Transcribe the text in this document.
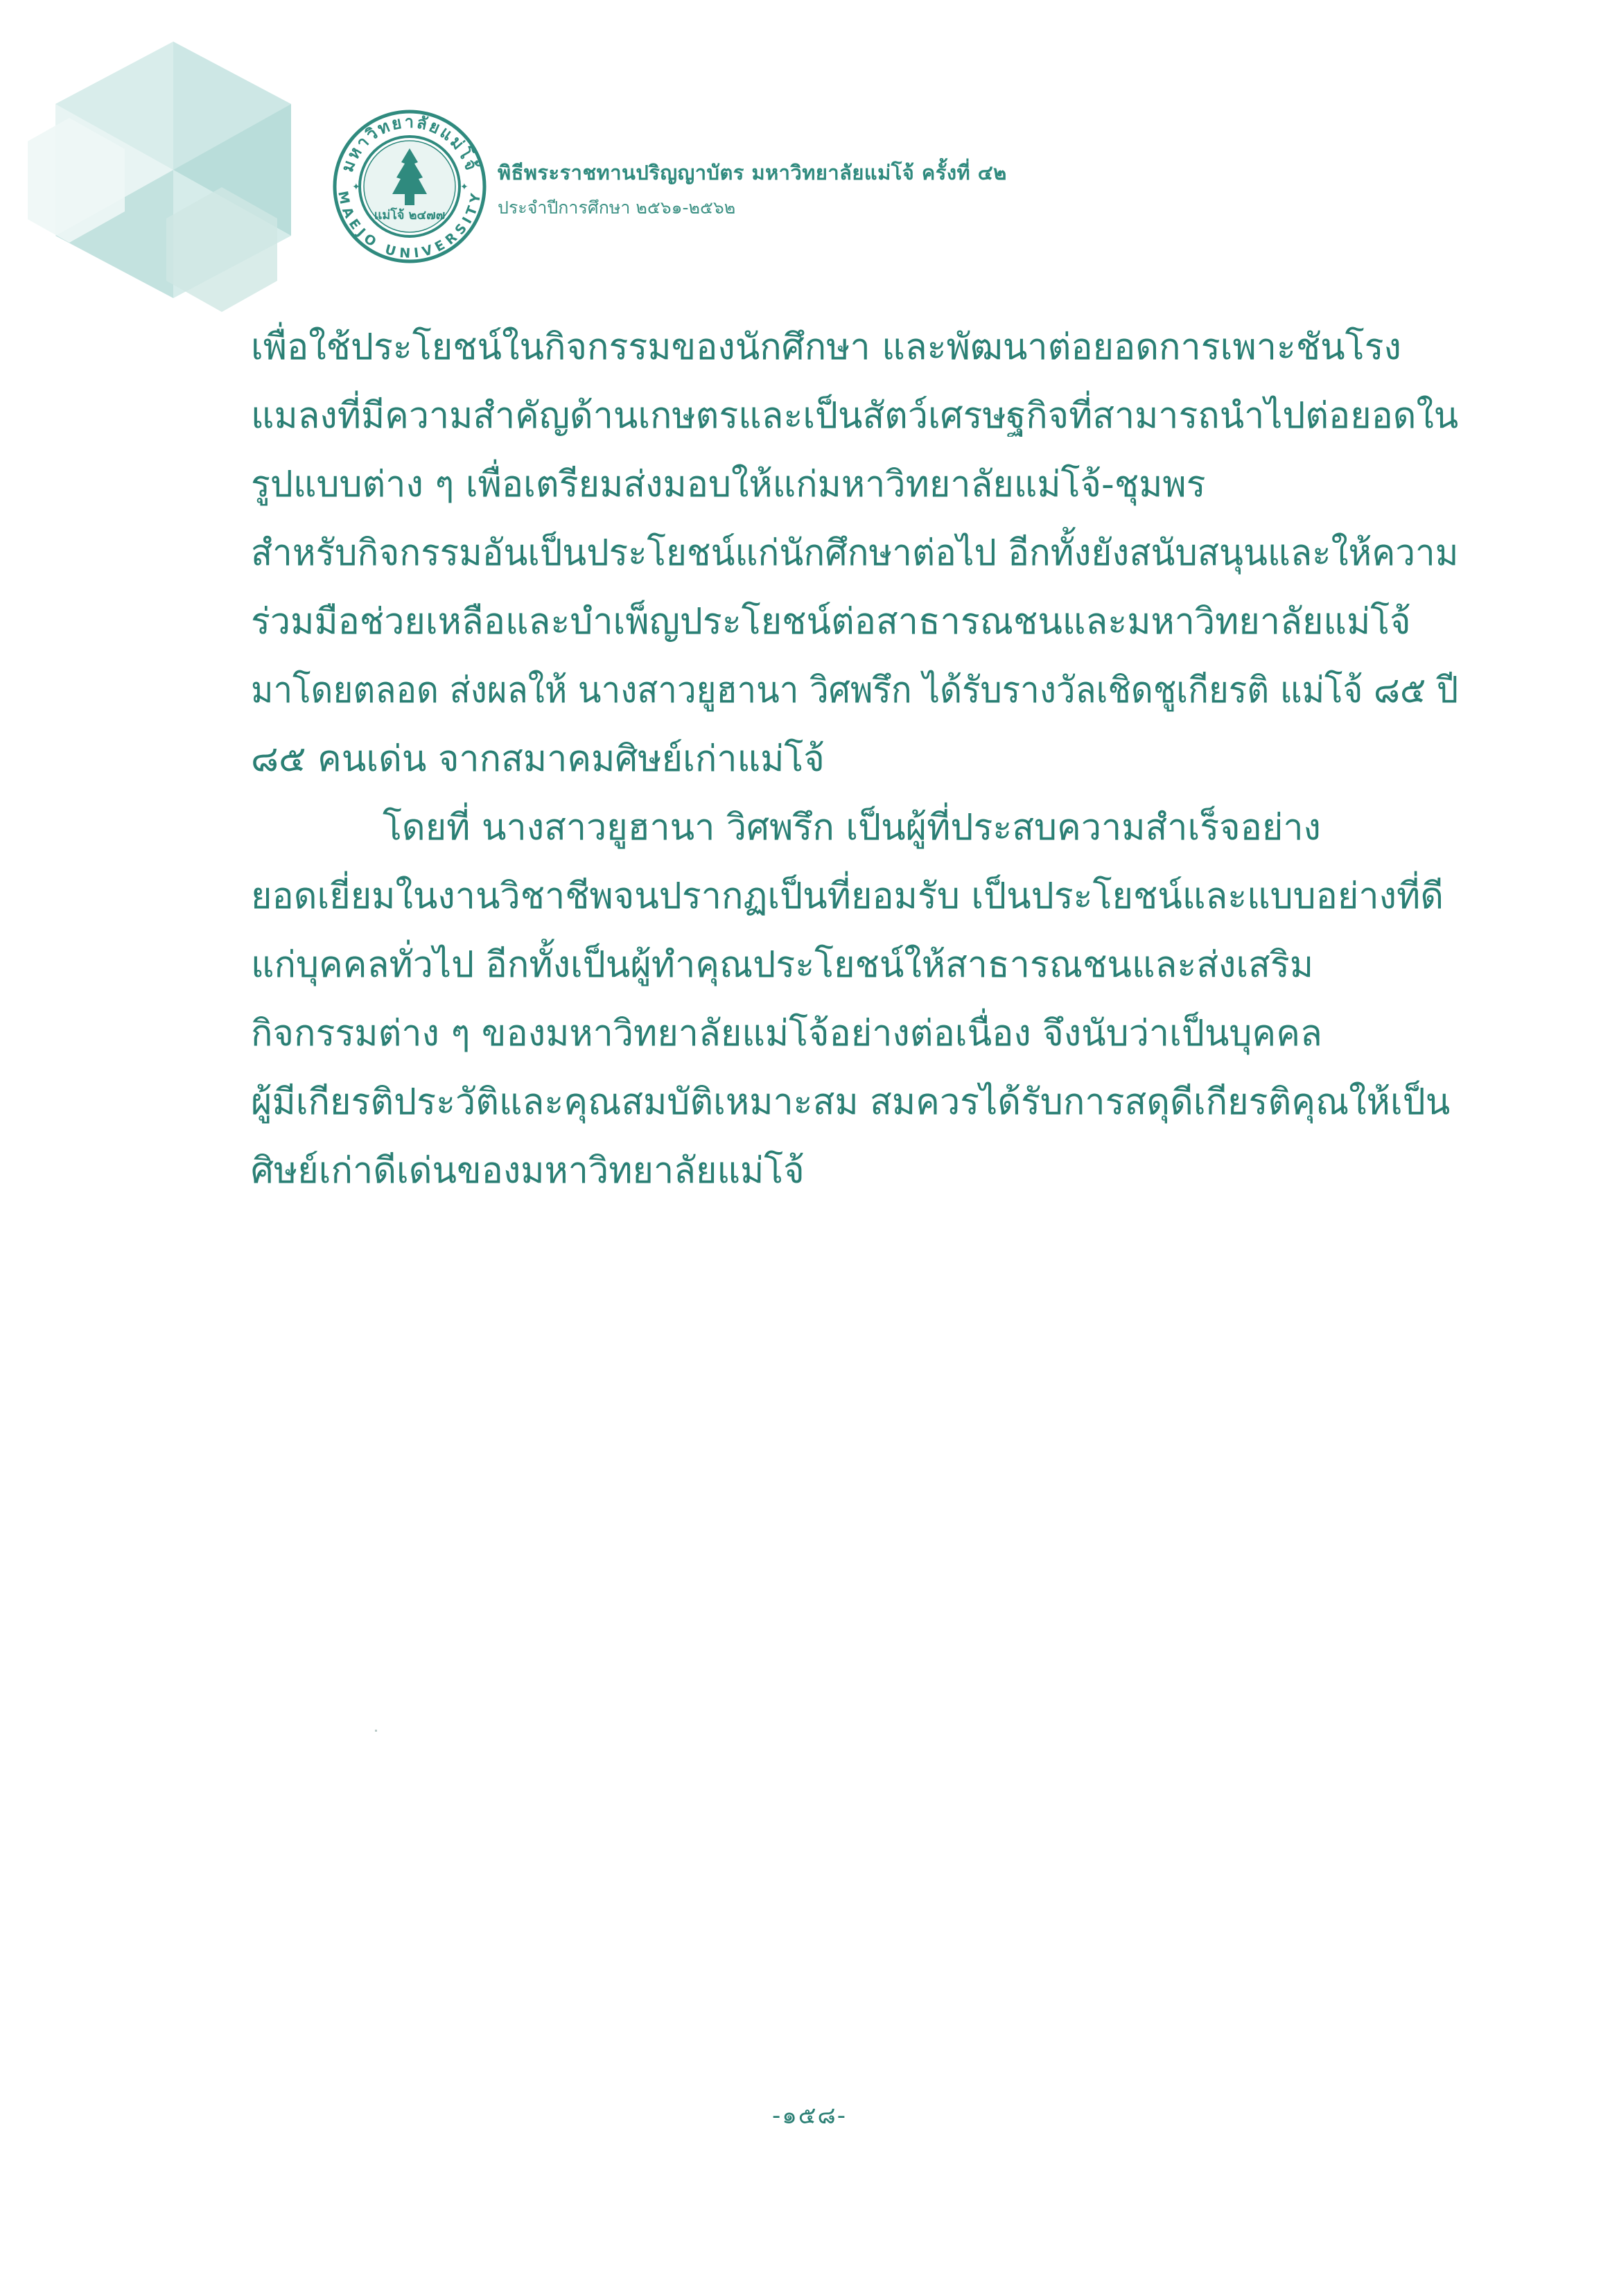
มหาวิทยาลัยแม่โจ้
MAEJO UNIVERSITY
✦	✦
แม่โจ้ ๒๔๗๗
พิธีพระราชทานปริญญาบัตร มหาวิทยาลัยแม่โจ้ ครั้งที่ ๔๒
ประจำปีการศึกษา ๒๕๖๑-๒๕๖๒
เพื่อใช้ประโยชน์ในกิจกรรมของนักศึกษา และพัฒนาต่อยอดการเพาะชันโรง
แมลงที่มีความสำคัญด้านเกษตรและเป็นสัตว์เศรษฐกิจที่สามารถนำไปต่อยอดใน
รูปแบบต่าง ๆ เพื่อเตรียมส่งมอบให้แก่มหาวิทยาลัยแม่โจ้-ชุมพร
สำหรับกิจกรรมอันเป็นประโยชน์แก่นักศึกษาต่อไป อีกทั้งยังสนับสนุนและให้ความ
ร่วมมือช่วยเหลือและบำเพ็ญประโยชน์ต่อสาธารณชนและมหาวิทยาลัยแม่โจ้
มาโดยตลอด ส่งผลให้ นางสาวยูฮานา วิศพรึก ได้รับรางวัลเชิดชูเกียรติ แม่โจ้ ๘๕ ปี
๘๕ คนเด่น จากสมาคมศิษย์เก่าแม่โจ้
โดยที่ นางสาวยูฮานา วิศพรึก เป็นผู้ที่ประสบความสำเร็จอย่าง
ยอดเยี่ยมในงานวิชาชีพจนปรากฏเป็นที่ยอมรับ เป็นประโยชน์และแบบอย่างที่ดี
แก่บุคคลทั่วไป อีกทั้งเป็นผู้ทำคุณประโยชน์ให้สาธารณชนและส่งเสริม
กิจกรรมต่าง ๆ ของมหาวิทยาลัยแม่โจ้อย่างต่อเนื่อง จึงนับว่าเป็นบุคคล
ผู้มีเกียรติประวัติและคุณสมบัติเหมาะสม สมควรได้รับการสดุดีเกียรติคุณให้เป็น
ศิษย์เก่าดีเด่นของมหาวิทยาลัยแม่โจ้
-๑๕๘-
